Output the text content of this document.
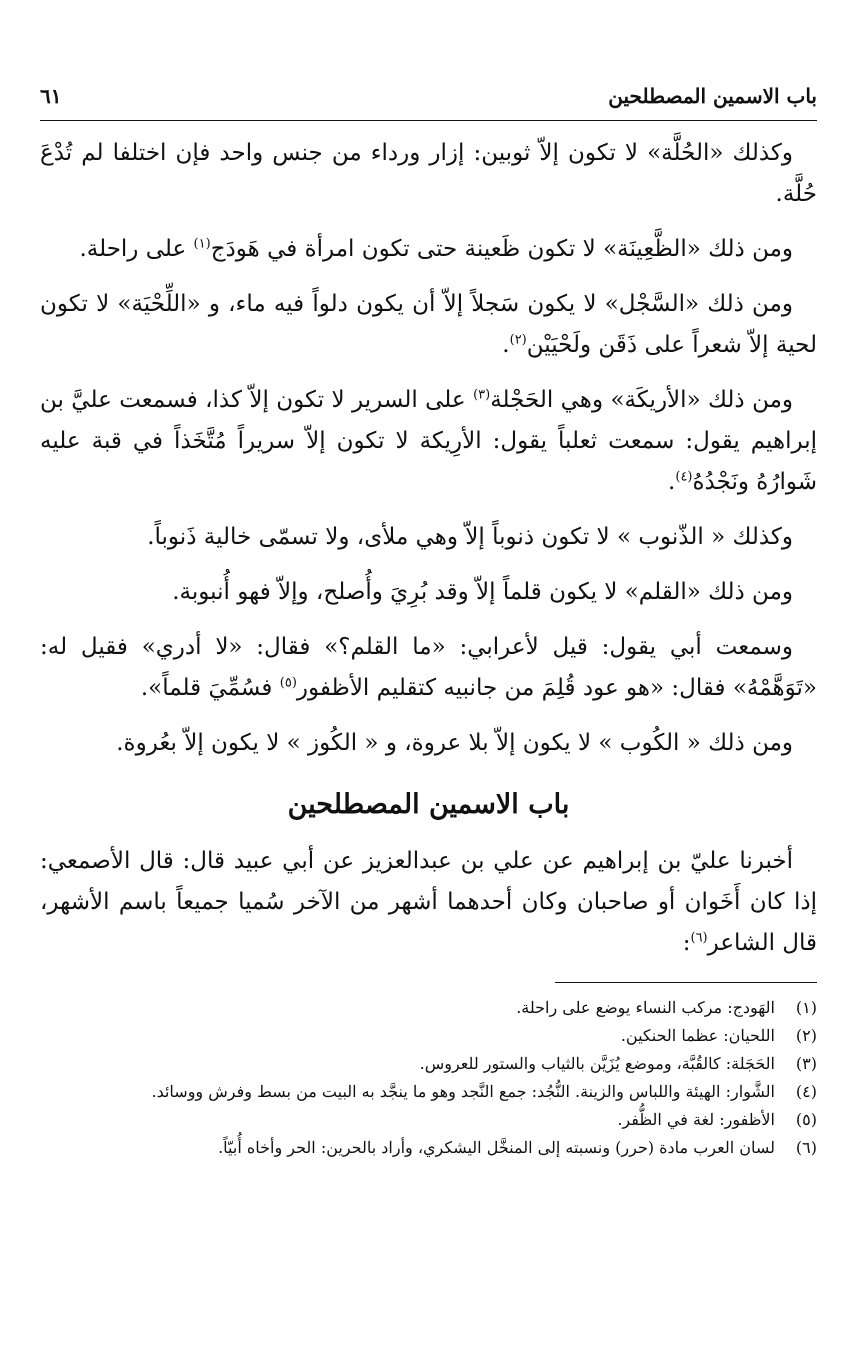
باب الاسمين المصطلحين
٦١

وكذلك «الحُلَّة» لا تكون إلاّ ثوبين: إزار ورداء من جنس واحد فإن اختلفا لم تُدْعَ حُلَّة.

ومن ذلك «الظَّعِينَة» لا تكون ظَعينة حتى تكون امرأة في هَودَج$^{(١)}$ على راحلة.

ومن ذلك «السَّجْل» لا يكون سَجلاً إلاّ أن يكون دلواً فيه ماء، و «اللِّحْيَة» لا تكون لحية إلاّ شعراً على ذَقَن ولَحْيَيْن$^{(٢)}$.

ومن ذلك «الأريكَة» وهي الحَجْلة$^{(٣)}$ على السرير لا تكون إلاّ كذا، فسمعت عليَّ بن إبراهيم يقول: سمعت ثعلباً يقول: الأرِيكة لا تكون إلاّ سريراً مُتَّخَذاً في قبة عليه شَوارُهُ ونَجْدُهُ$^{(٤)}$.

وكذلك « الذّنوب » لا تكون ذنوباً إلاّ وهي ملأى، ولا تسمّى خالية ذَنوباً.

ومن ذلك «القلم» لا يكون قلماً إلاّ وقد بُرِيَ وأُصلح، وإلاّ فهو أُنبوبة.

وسمعت أبي يقول: قيل لأعرابي: «ما القلم؟» فقال: «لا أدري» فقيل له: «تَوَهَّمْهُ» فقال: «هو عود قُلِمَ من جانبيه كتقليم الأظفور$^{(٥)}$ فسُمِّيَ قلماً».

ومن ذلك « الكُوب » لا يكون إلاّ بلا عروة، و « الكُوز » لا يكون إلاّ بعُروة.

باب الاسمين المصطلحين

أخبرنا عليّ بن إبراهيم عن علي بن عبدالعزيز عن أبي عبيد قال: قال الأصمعي: إذا كان أَخَوان أو صاحبان وكان أحدهما أشهر من الآخر سُميا جميعاً باسم الأشهر، قال الشاعر$^{(٦)}$:

(١)
الهَودج: مركب النساء يوضع على راحلة.
(٢)
اللحيان: عظما الحنكين.
(٣)
الحَجَلة: كالقُبَّة، وموضع يُزَيَّن بالثياب والستور للعروس.
(٤)
الشَّوار: الهيئة واللباس والزينة. النُّجُد: جمع النَّجد وهو ما ينجَّد به البيت من بسط وفرش ووسائد.
(٥)
الأظفور: لغة في الظُّفر.
(٦)
لسان العرب مادة (حرر) ونسبته إلى المنخَّل اليشكري، وأراد بالحرين: الحر وأخاه أُبيّاً.
